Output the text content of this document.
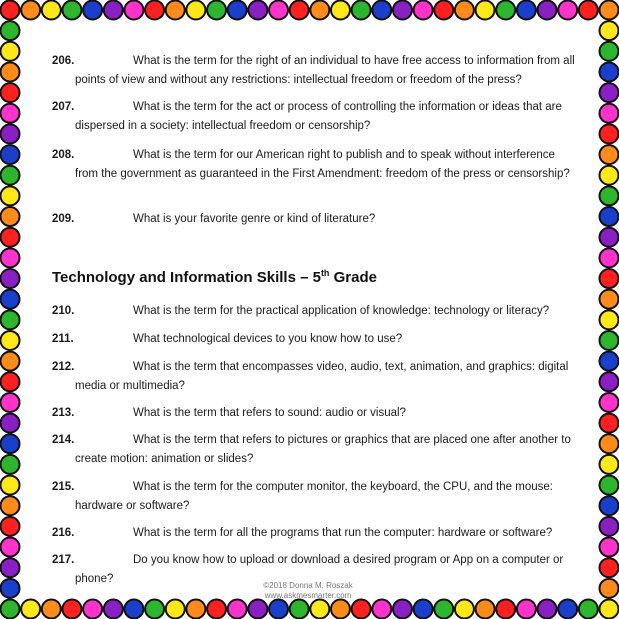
206.	What is the term for the right of an individual to have free access to information from all points of view and without any restrictions: intellectual freedom or freedom of the press?
207.	What is the term for the act or process of controlling the information or ideas that are dispersed in a society: intellectual freedom or censorship?
208.	What is the term for our American right to publish and to speak without interference from the government as guaranteed in the First Amendment: freedom of the press or censorship?
209.	What is your favorite genre or kind of literature?
Technology and Information Skills – 5th Grade
210.	What is the term for the practical application of knowledge: technology or literacy?
211.	What technological devices to you know how to use?
212.	What is the term that encompasses video, audio, text, animation, and graphics: digital media or multimedia?
213.	What is the term that refers to sound: audio or visual?
214.	What is the term that refers to pictures or graphics that are placed one after another to create motion: animation or slides?
215.	What is the term for the computer monitor, the keyboard, the CPU, and the mouse: hardware or software?
216.	What is the term for all the programs that run the computer: hardware or software?
217.	Do you know how to upload or download a desired program or App on a computer or phone?
©2018 Donna M. Roszak
www.askmesmarter.com
